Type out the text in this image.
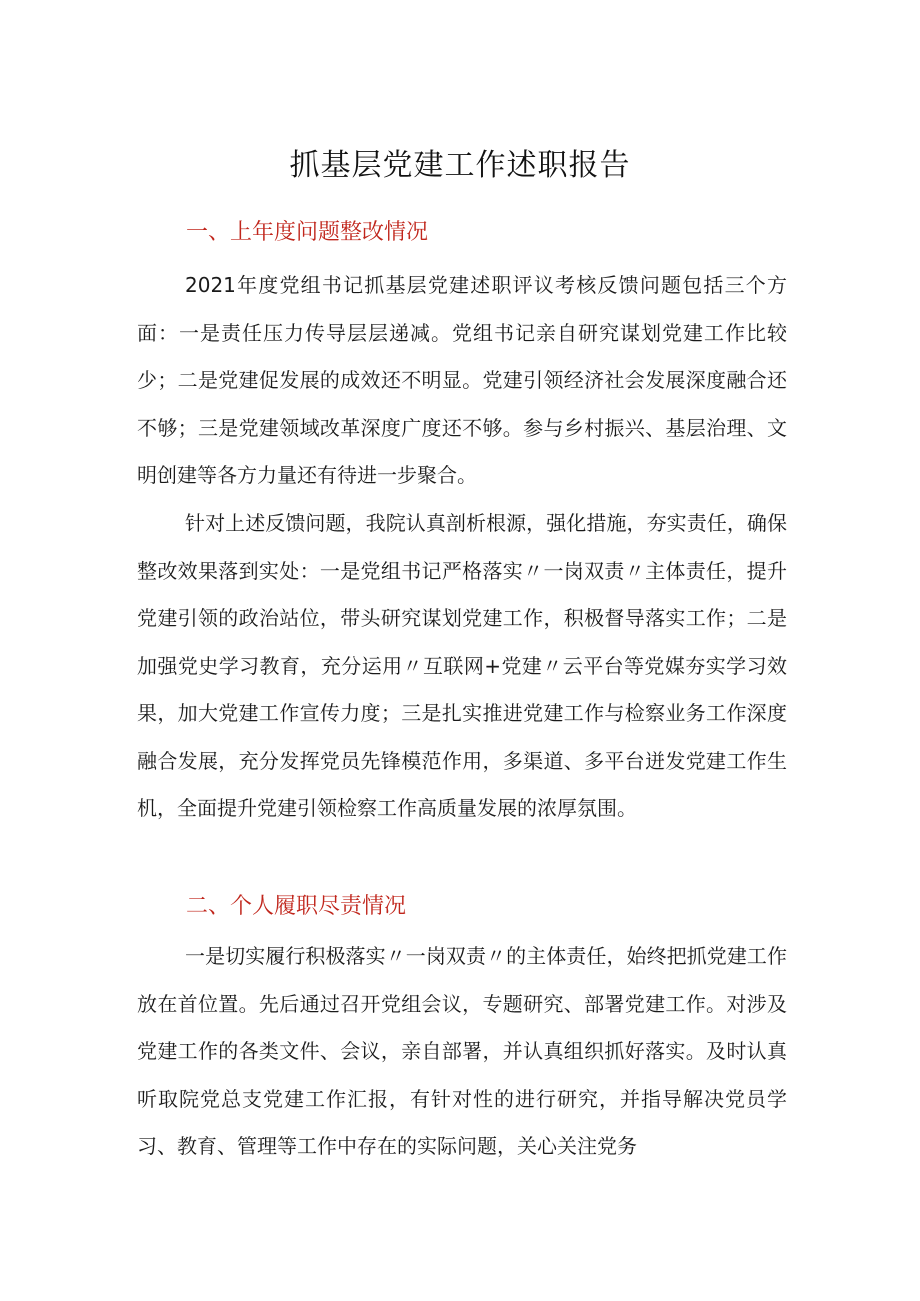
抓基层党建工作述职报告
一、上年度问题整改情况

2021年度党组书记抓基层党建述职评议考核反馈问题包括三个方面：一是责任压力传导层层递减。党组书记亲自研究谋划党建工作比较少；二是党建促发展的成效还不明显。党建引领经济社会发展深度融合还不够；三是党建领域改革深度广度还不够。参与乡村振兴、基层治理、文明创建等各方力量还有待进一步聚合。

针对上述反馈问题，我院认真剖析根源，强化措施，夯实责任，确保整改效果落到实处：一是党组书记严格落实〃一岗双责〃主体责任，提升党建引领的政治站位，带头研究谋划党建工作，积极督导落实工作；二是加强党史学习教育，充分运用〃互联网+党建〃云平台等党媒夯实学习效果，加大党建工作宣传力度；三是扎实推进党建工作与检察业务工作深度融合发展，充分发挥党员先锋模范作用，多渠道、多平台迸发党建工作生机，全面提升党建引领检察工作高质量发展的浓厚氛围。

二、个人履职尽责情况

一是切实履行积极落实〃一岗双责〃的主体责任，始终把抓党建工作放在首位置。先后通过召开党组会议，专题研究、部署党建工作。对涉及党建工作的各类文件、会议，亲自部署，并认真组织抓好落实。及时认真听取院党总支党建工作汇报，有针对性的进行研究，并指导解决党员学习、教育、管理等工作中存在的实际问题，关心关注党务
